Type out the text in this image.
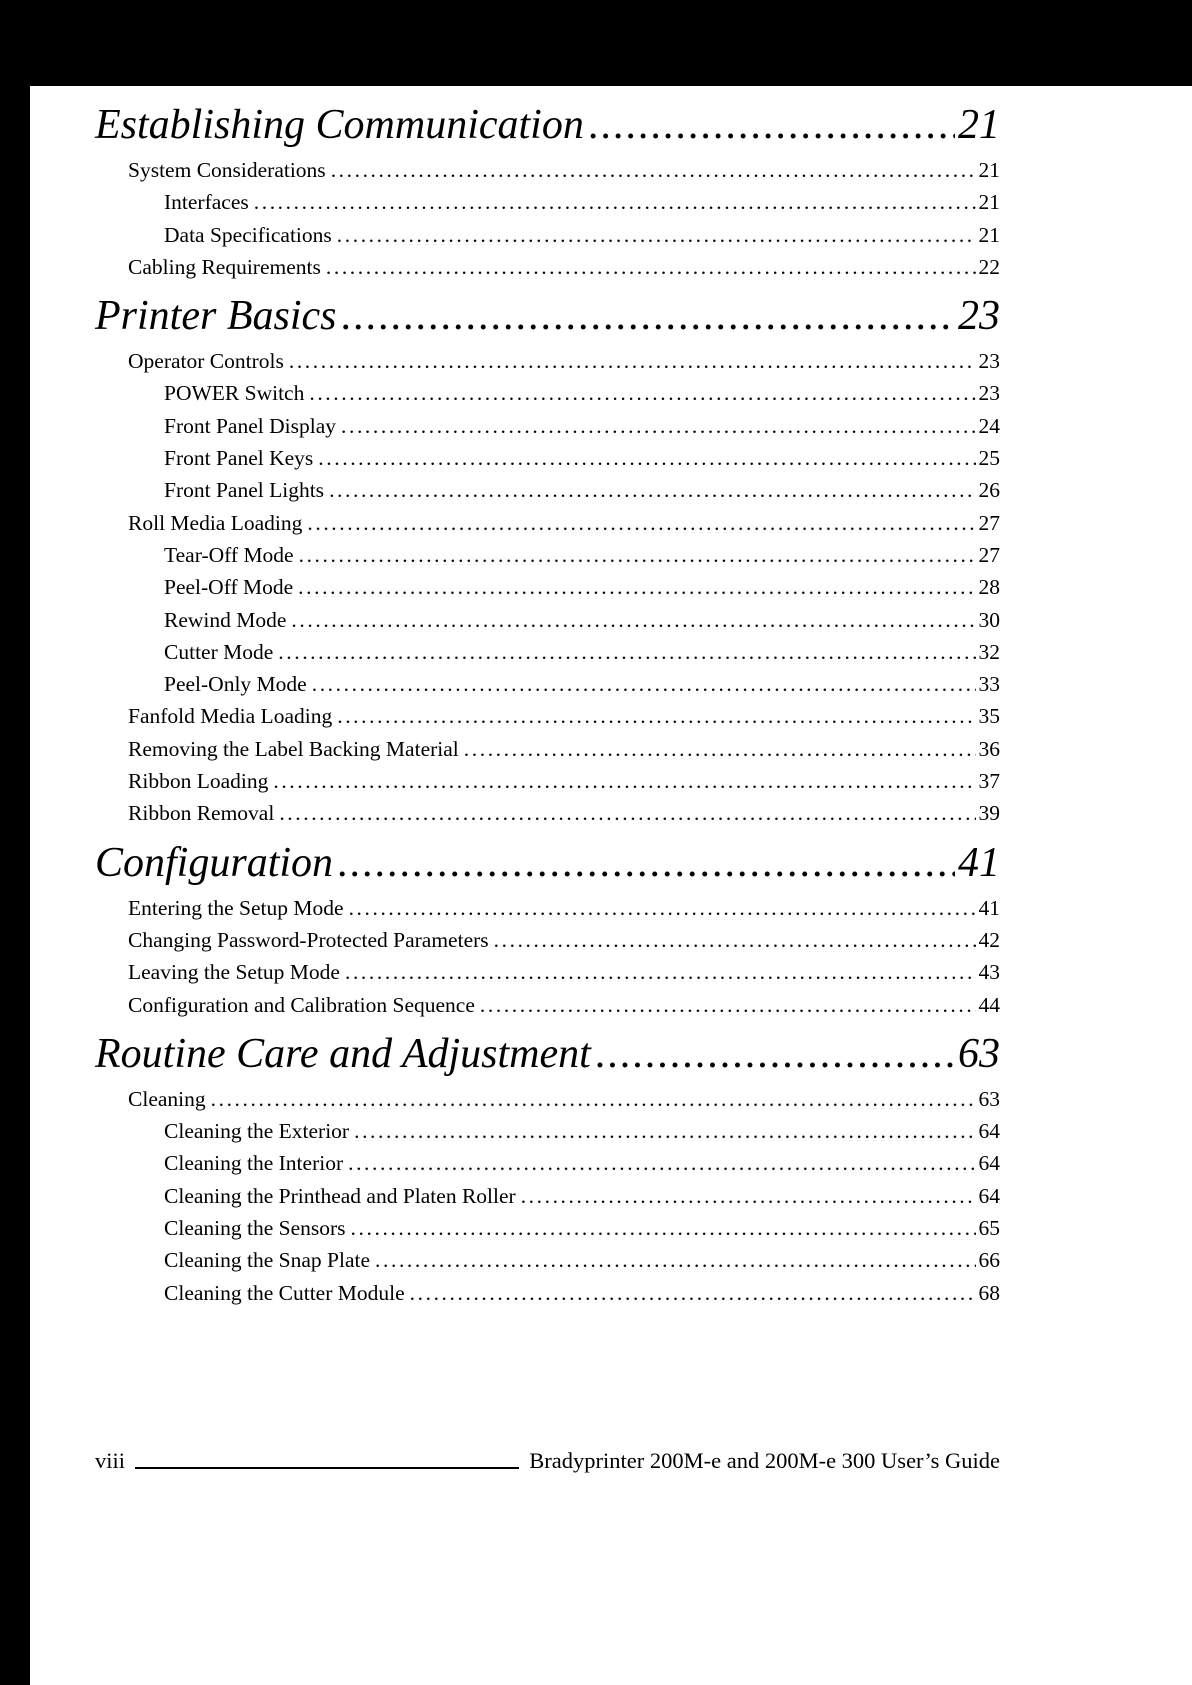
Establishing Communication .....	21
System Considerations .....	21
Interfaces .....	21
Data Specifications .....	21
Cabling Requirements .....	22
Printer Basics .....	23
Operator Controls .....	23
POWER Switch .....	23
Front Panel Display .....	24
Front Panel Keys .....	25
Front Panel Lights .....	26
Roll Media Loading .....	27
Tear-Off Mode .....	27
Peel-Off Mode .....	28
Rewind Mode .....	30
Cutter Mode .....	32
Peel-Only Mode .....	33
Fanfold Media Loading .....	35
Removing the Label Backing Material .....	36
Ribbon Loading .....	37
Ribbon Removal .....	39
Configuration .....	41
Entering the Setup Mode .....	41
Changing Password-Protected Parameters .....	42
Leaving the Setup Mode .....	43
Configuration and Calibration Sequence .....	44
Routine Care and Adjustment .....	63
Cleaning .....	63
Cleaning the Exterior .....	64
Cleaning the Interior .....	64
Cleaning the Printhead and Platen Roller .....	64
Cleaning the Sensors .....	65
Cleaning the Snap Plate .....	66
Cleaning the Cutter Module .....	68
viii	Bradyprinter 200M-e and 200M-e 300 User’s Guide
